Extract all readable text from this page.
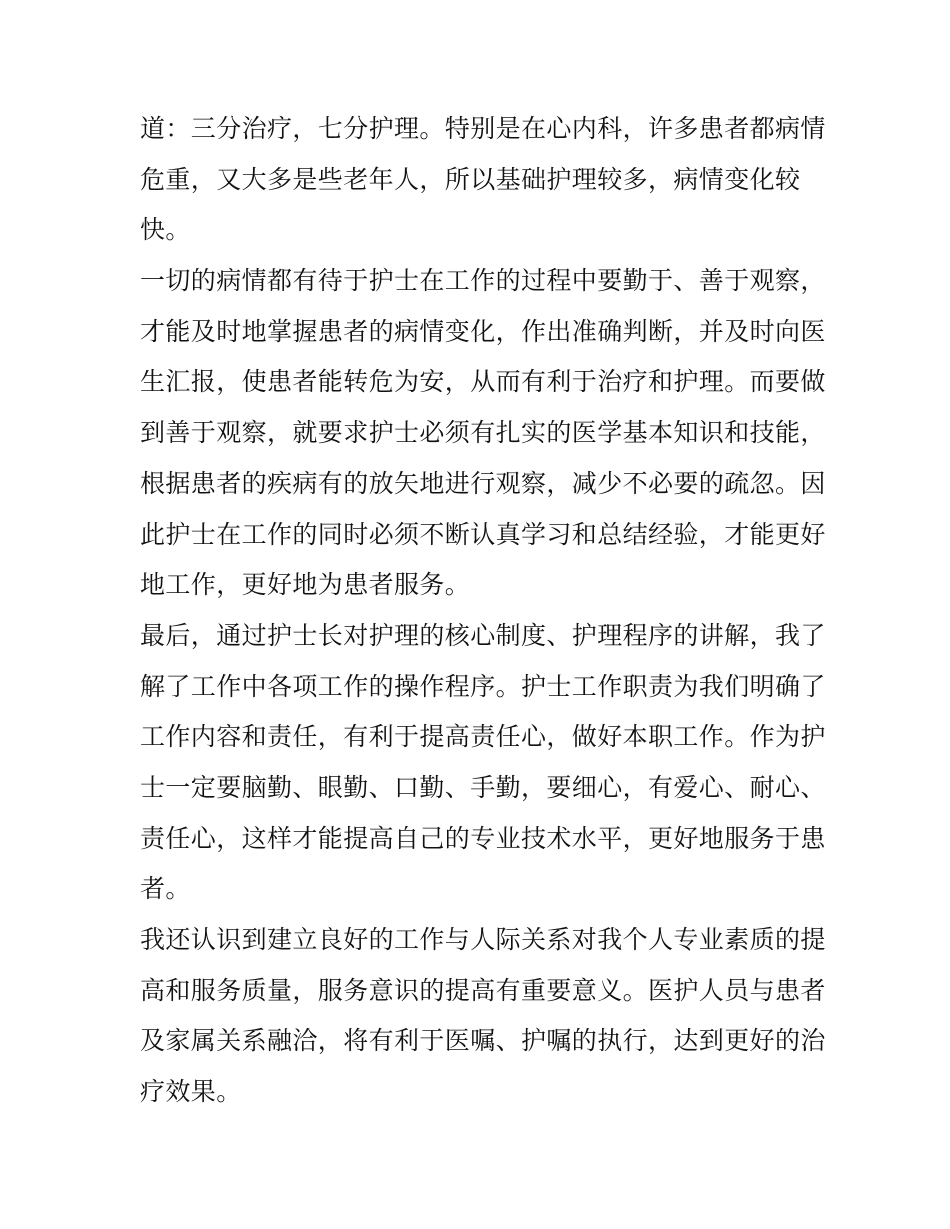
道：三分治疗，七分护理。特别是在心内科，许多患者都病情
危重，又大多是些老年人，所以基础护理较多，病情变化较
快。
一切的病情都有待于护士在工作的过程中要勤于、善于观察，
才能及时地掌握患者的病情变化，作出准确判断，并及时向医
生汇报，使患者能转危为安，从而有利于治疗和护理。而要做
到善于观察，就要求护士必须有扎实的医学基本知识和技能，
根据患者的疾病有的放矢地进行观察，减少不必要的疏忽。因
此护士在工作的同时必须不断认真学习和总结经验，才能更好
地工作，更好地为患者服务。
最后，通过护士长对护理的核心制度、护理程序的讲解，我了
解了工作中各项工作的操作程序。护士工作职责为我们明确了
工作内容和责任，有利于提高责任心，做好本职工作。作为护
士一定要脑勤、眼勤、口勤、手勤，要细心，有爱心、耐心、
责任心，这样才能提高自己的专业技术水平，更好地服务于患
者。
我还认识到建立良好的工作与人际关系对我个人专业素质的提
高和服务质量，服务意识的提高有重要意义。医护人员与患者
及家属关系融洽，将有利于医嘱、护嘱的执行，达到更好的治
疗效果。
